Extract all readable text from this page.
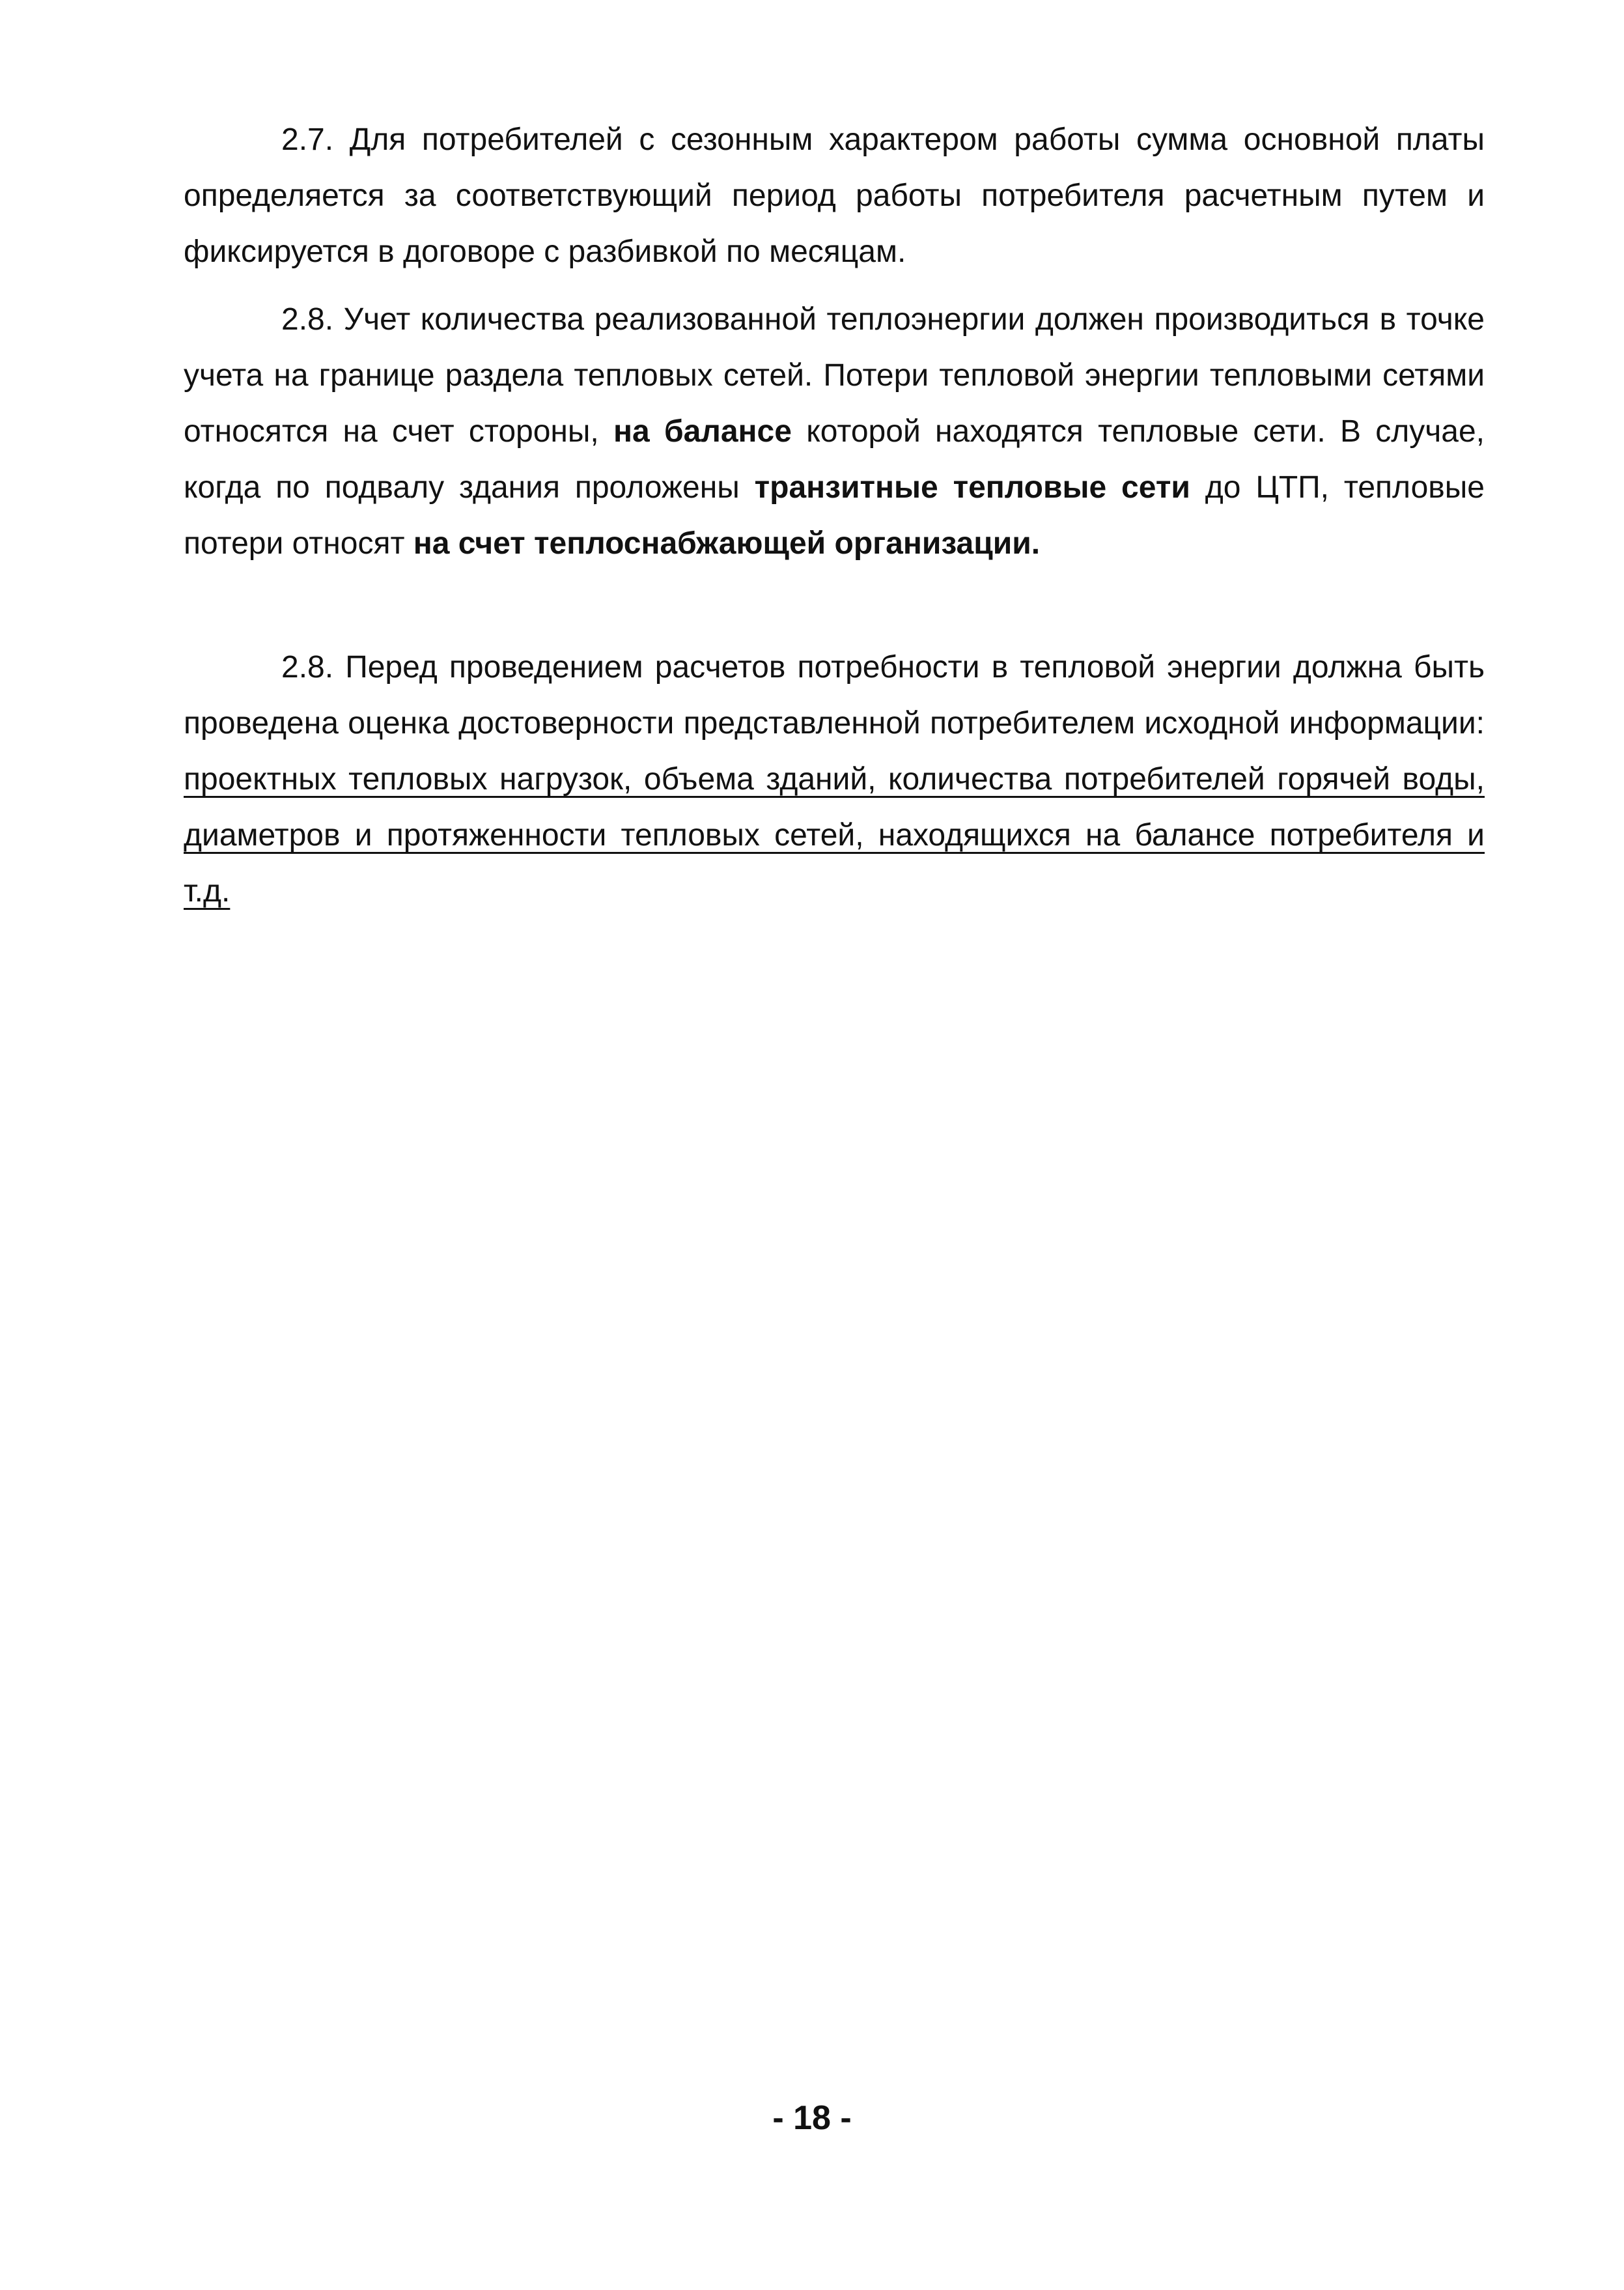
2.7. Для потребителей с сезонным характером работы сумма основной платы определяется за соответствующий период работы потребителя расчетным путем и фиксируется в договоре с разбивкой по месяцам.

2.8. Учет количества реализованной теплоэнергии должен производиться в точке учета на границе раздела тепловых сетей. Потери тепловой энергии тепловыми сетями относятся на счет стороны, на балансе которой находятся тепловые сети. В случае, когда по подвалу здания проложены транзитные тепловые сети до ЦТП, тепловые потери относят на счет теплоснабжающей организации.

2.8. Перед проведением расчетов потребности в тепловой энергии должна быть проведена оценка достоверности представленной потребителем исходной информации: проектных тепловых нагрузок, объема зданий, количества потребителей горячей воды, диаметров и протяженности тепловых сетей, находящихся на балансе потребителя и т.д.

- 18 -
